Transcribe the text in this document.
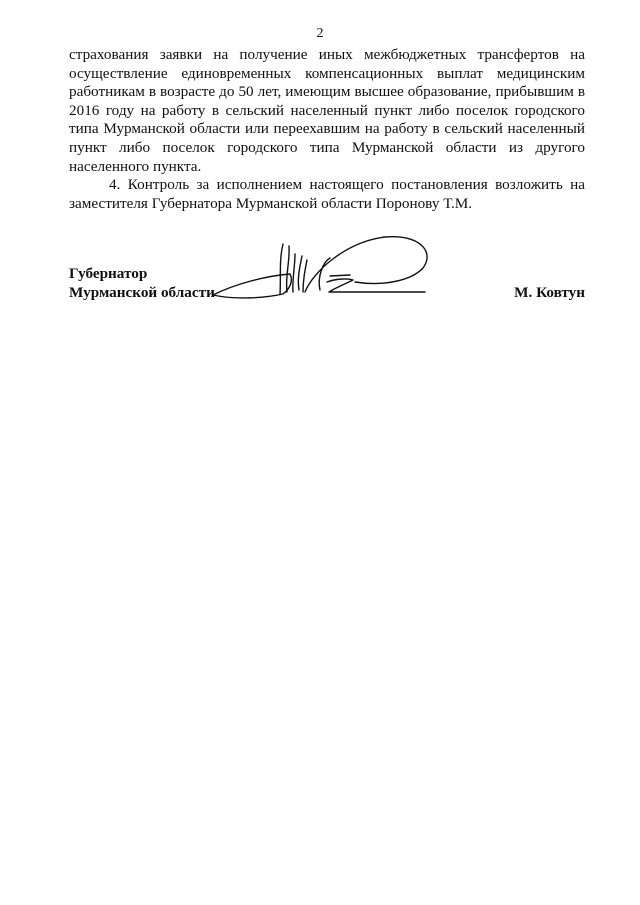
2
страхования заявки на получение иных межбюджетных трансфертов на
осуществление единовременных компенсационных выплат медицинским
работникам в возрасте до 50 лет, имеющим высшее образование, прибывшим в
2016 году на работу в сельский населенный пункт либо поселок городского
типа Мурманской области или переехавшим на работу в сельский населенный
пункт либо поселок городского типа Мурманской области из другого
населенного пункта.
4. Контроль за исполнением настоящего постановления возложить на
заместителя Губернатора Мурманской области Поронову Т.М.
Губернатор
Мурманской области	М. Ковтун
